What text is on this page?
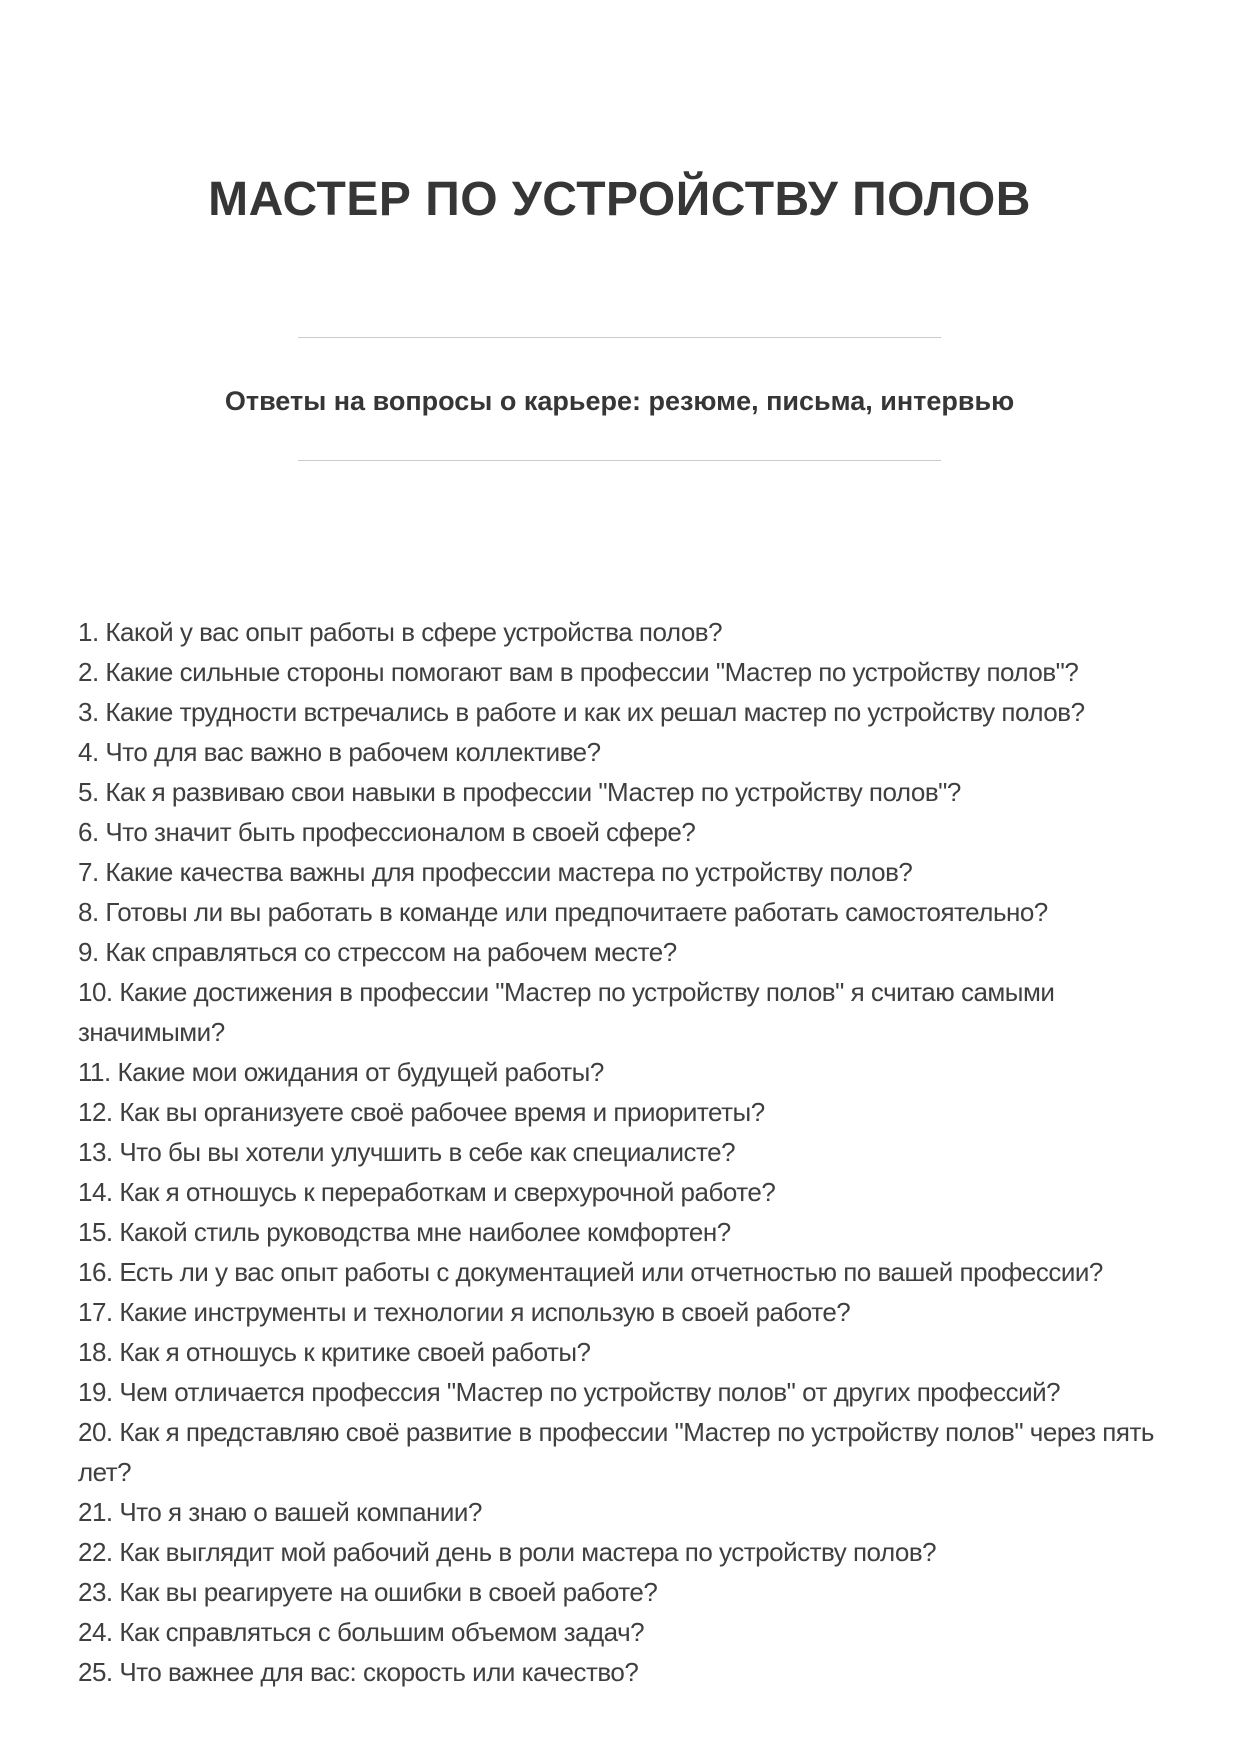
МАСТЕР ПО УСТРОЙСТВУ ПОЛОВ
Ответы на вопросы о карьере: резюме, письма, интервью
1. Какой у вас опыт работы в сфере устройства полов?
2. Какие сильные стороны помогают вам в профессии "Мастер по устройству полов"?
3. Какие трудности встречались в работе и как их решал мастер по устройству полов?
4. Что для вас важно в рабочем коллективе?
5. Как я развиваю свои навыки в профессии "Мастер по устройству полов"?
6. Что значит быть профессионалом в своей сфере?
7. Какие качества важны для профессии мастера по устройству полов?
8. Готовы ли вы работать в команде или предпочитаете работать самостоятельно?
9. Как справляться со стрессом на рабочем месте?
10. Какие достижения в профессии "Мастер по устройству полов" я считаю самыми значимыми?
11. Какие мои ожидания от будущей работы?
12. Как вы организуете своё рабочее время и приоритеты?
13. Что бы вы хотели улучшить в себе как специалисте?
14. Как я отношусь к переработкам и сверхурочной работе?
15. Какой стиль руководства мне наиболее комфортен?
16. Есть ли у вас опыт работы с документацией или отчетностью по вашей профессии?
17. Какие инструменты и технологии я использую в своей работе?
18. Как я отношусь к критике своей работы?
19. Чем отличается профессия "Мастер по устройству полов" от других профессий?
20. Как я представляю своё развитие в профессии "Мастер по устройству полов" через пять лет?
21. Что я знаю о вашей компании?
22. Как выглядит мой рабочий день в роли мастера по устройству полов?
23. Как вы реагируете на ошибки в своей работе?
24. Как справляться с большим объемом задач?
25. Что важнее для вас: скорость или качество?
